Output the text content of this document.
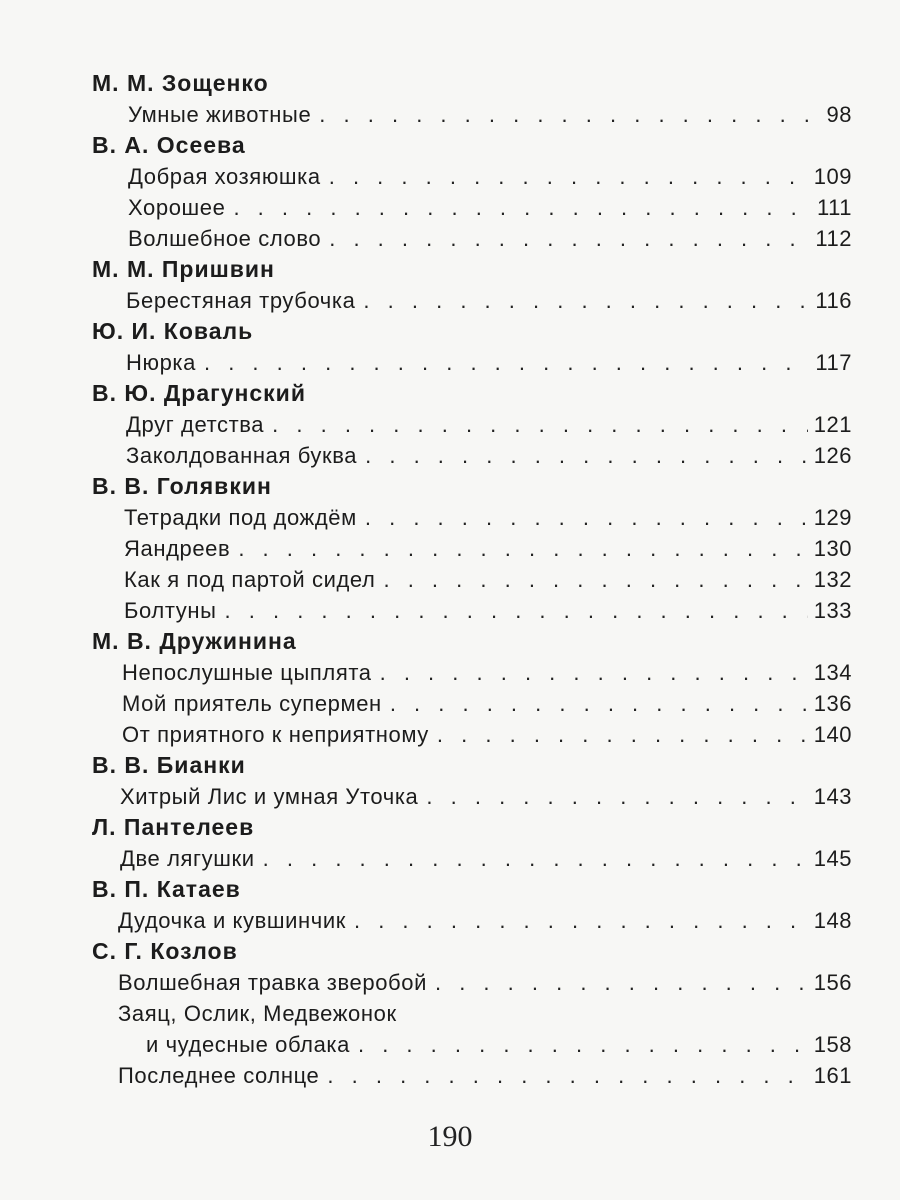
М. М. Зощенко
Умные животные . . .	98
В. А. Осеева
Добрая хозяюшка . . .	109
Хорошее . . .	111
Волшебное слово . . .	112
М. М. Пришвин
Берестяная трубочка . . .	116
Ю. И. Коваль
Нюрка . . .	117
В. Ю. Драгунский
Друг детства . . .	121
Заколдованная буква . . .	126
В. В. Голявкин
Тетрадки под дождём . . .	129
Яандреев . . .	130
Как я под партой сидел . . .	132
Болтуны . . .	133
М. В. Дружинина
Непослушные цыплята . . .	134
Мой приятель супермен . . .	136
От приятного к неприятному . . .	140
В. В. Бианки
Хитрый Лис и умная Уточка . . .	143
Л. Пантелеев
Две лягушки . . .	145
В. П. Катаев
Дудочка и кувшинчик . . .	148
С. Г. Козлов
Волшебная травка зверобой . . .	156
Заяц, Ослик, Медвежонок
и чудесные облака . . .	158
Последнее солнце . . .	161
190
